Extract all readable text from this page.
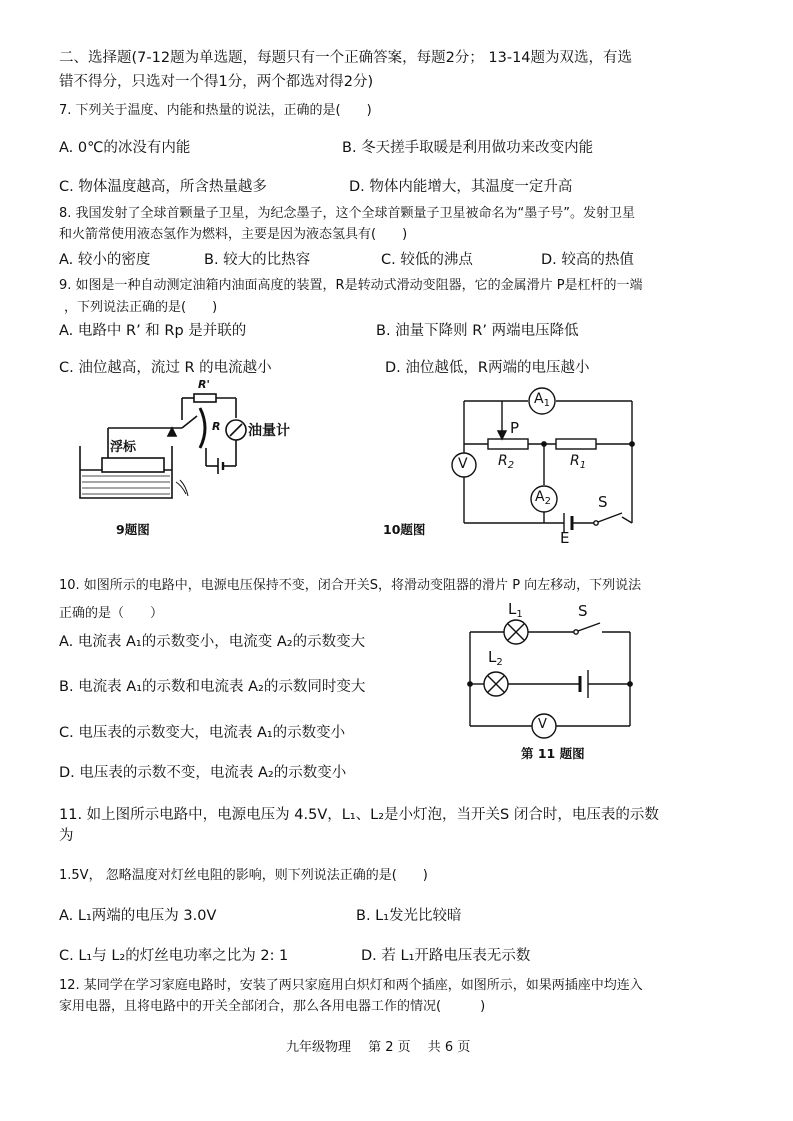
二、选择题(7-12题为单选题，每题只有一个正确答案，每题2分； 13-14题为双选，有选
错不得分，只选对一个得1分，两个都选对得2分)
7. 下列关于温度、内能和热量的说法，正确的是(　　)
A. 0℃的冰没有内能	B. 冬天搓手取暖是利用做功来改变内能
C. 物体温度越高，所含热量越多	D. 物体内能增大，其温度一定升高
8. 我国发射了全球首颗量子卫星，为纪念墨子，这个全球首颗量子卫星被命名为“墨子号”。发射卫星
和火箭常使用液态氢作为燃料，主要是因为液态氢具有(　　)
A. 较小的密度	B. 较大的比热容	C. 较低的沸点	D. 较高的热值
9. 如图是一种自动测定油箱内油面高度的装置，R是转动式滑动变阻器，它的金属滑片 P是杠杆的一端
，下列说法正确的是(　　)
A. 电路中 R’ 和 Rp 是并联的	B. 油量下降则 R’ 两端电压降低
C. 油位越高，流过 R 的电流越小	D. 油位越低，R两端的电压越小
浮标
油量计
R'
R
9题图
$A_1$
V
P
$R_2$	$R_1$
$A_2$	S
E
10题图
10. 如图所示的电路中，电源电压保持不变，闭合开关S，将滑动变阻器的滑片 P 向左移动，下列说法
正确的是（　　）
A. 电流表 A₁的示数变小，电流变 A₂的示数变大
B. 电流表 A₁的示数和电流表 A₂的示数同时变大
C. 电压表的示数变大，电流表 A₁的示数变小
D. 电压表的示数不变，电流表 A₂的示数变小
$L_1$
$L_2$
S
V
第 11 题图
11. 如上图所示电路中，电源电压为 4.5V，L₁、L₂是小灯泡，当开关S 闭合时，电压表的示数
为
1.5V， 忽略温度对灯丝电阻的影响，则下列说法正确的是(　　)
A. L₁两端的电压为 3.0V	B. L₁发光比较暗
C. L₁与 L₂的灯丝电功率之比为 2: 1	D. 若 L₁开路电压表无示数
12. 某同学在学习家庭电路时，安装了两只家庭用白炽灯和两个插座，如图所示，如果两插座中均连入
家用电器，且将电路中的开关全部闭合，那么各用电器工作的情况(　　　)
九年级物理　 第 2 页　 共 6 页
